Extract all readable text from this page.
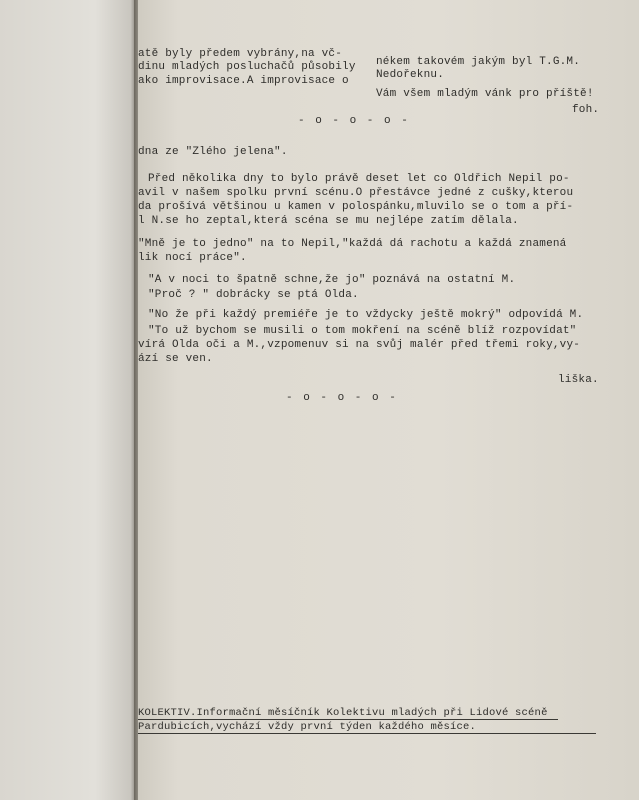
atě byly předem vybrány,na vč-
dinu mladých posluchačů působily
ako improvisace.A improvisace o
nékem takovém jakým byl T.G.M.
Nedořeknu.
Vám všem mladým vánk pro příště!
foh.
- o - o - o -
dna ze "Zlého jelena".
Před několika dny to bylo právě deset let co Oldřich Nepil po-
avil v našem spolku první scénu.O přestávce jedné z cušky,kterou
da prošívá většinou u kamen v polospánku,mluvilo se o tom a pří-
l N.se ho zeptal,která scéna se mu nejlépe zatím dělala.
"Mně je to jedno" na to Nepil,"každá dá rachotu a každá znamená
lik nocí práce".
"A v noci to špatně schne,že jo" poznává na ostatní M.
"Proč ? " dobrácky se ptá Olda.
"No že při každý premiéře je to vždycky ještě mokrý" odpovídá M.
"To už bychom se musili o tom mokření na scéně blíž rozpovídat"
vírá Olda oči a M.,vzpomenuv si na svůj malér před třemi roky,vy-
ází se ven.
liška.
- o - o - o -
KOLEKTIV.Informační měsíčník Kolektivu mladých při Lidové scéně
Pardubicích,vychází vždy první týden každého měsíce.
